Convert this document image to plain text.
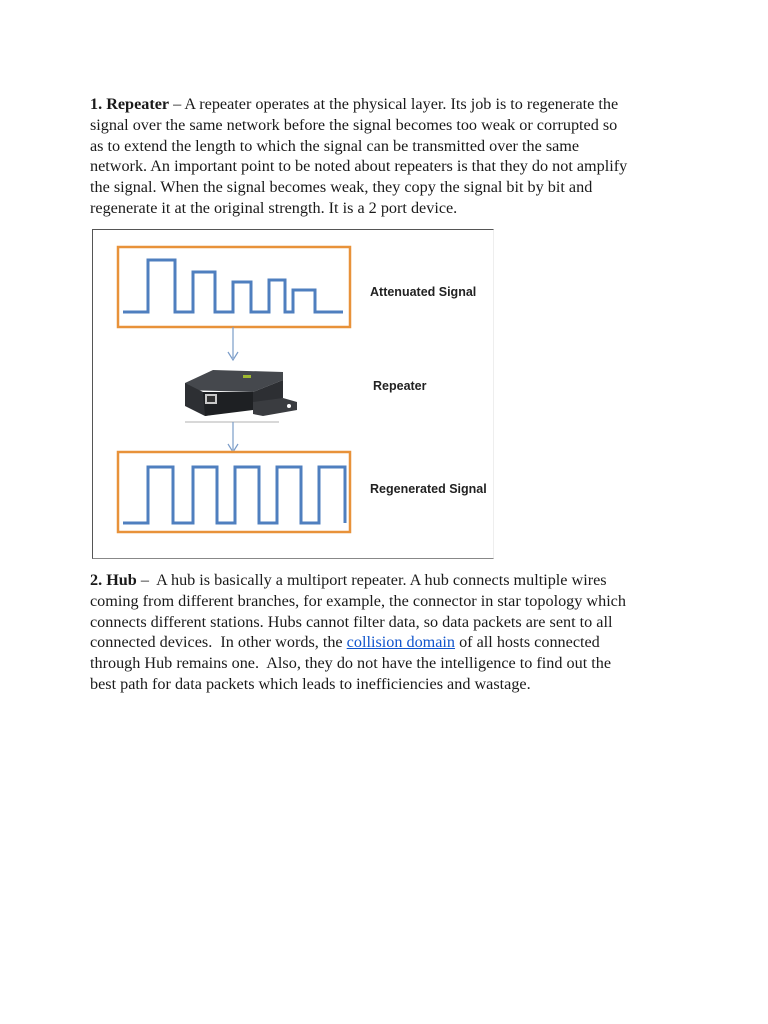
1. Repeater – A repeater operates at the physical layer. Its job is to regenerate the
signal over the same network before the signal becomes too weak or corrupted so
as to extend the length to which the signal can be transmitted over the same
network. An important point to be noted about repeaters is that they do not amplify
the signal. When the signal becomes weak, they copy the signal bit by bit and
regenerate it at the original strength. It is a 2 port device.
Attenuated Signal
Repeater
Regenerated Signal
2. Hub –  A hub is basically a multiport repeater. A hub connects multiple wires
coming from different branches, for example, the connector in star topology which
connects different stations. Hubs cannot filter data, so data packets are sent to all
connected devices.  In other words, the collision domain of all hosts connected
through Hub remains one.  Also, they do not have the intelligence to find out the
best path for data packets which leads to inefficiencies and wastage.
